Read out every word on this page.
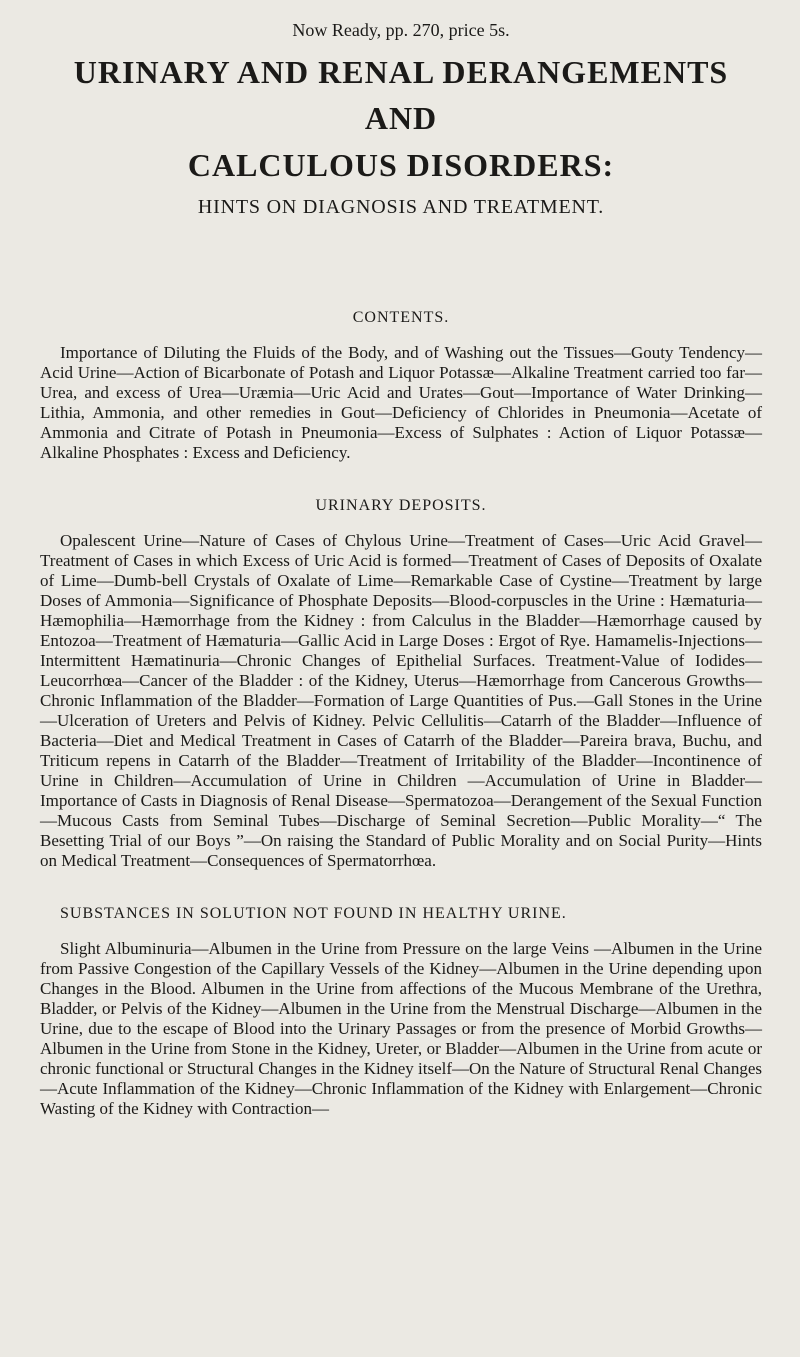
Now Ready, pp. 270, price 5s.
URINARY AND RENAL DERANGEMENTS AND
CALCULOUS DISORDERS:
HINTS ON DIAGNOSIS AND TREATMENT.
CONTENTS.

Importance of Diluting the Fluids of the Body, and of Washing out the Tissues—Gouty Tendency—Acid Urine—Action of Bicarbonate of Potash and Liquor Potassæ—Alkaline Treatment carried too far—Urea, and excess of Urea—Uræmia—Uric Acid and Urates—Gout—Importance of Water Drinking—Lithia, Ammonia, and other remedies in Gout—Deficiency of Chlorides in Pneumonia—Acetate of Ammonia and Citrate of Potash in Pneumonia—Excess of Sulphates : Action of Liquor Potassæ—Alkaline Phosphates : Excess and Deficiency.

URINARY DEPOSITS.

Opalescent Urine—Nature of Cases of Chylous Urine—Treatment of Cases—Uric Acid Gravel—Treatment of Cases in which Excess of Uric Acid is formed—Treatment of Cases of Deposits of Oxalate of Lime—Dumb-bell Crystals of Oxalate of Lime—Remarkable Case of Cystine—Treatment by large Doses of Ammonia—Significance of Phosphate Deposits—Blood-corpuscles in the Urine : Hæmaturia—Hæmophilia—Hæmorrhage from the Kidney : from Calculus in the Bladder—Hæmorrhage caused by Entozoa—Treatment of Hæmaturia—Gallic Acid in Large Doses : Ergot of Rye. Hamamelis-Injections—Intermittent Hæmatinuria—Chronic Changes of Epithelial Surfaces. Treatment-Value of Iodides—Leucorrhœa—Cancer of the Bladder : of the Kidney, Uterus—Hæmorrhage from Cancerous Growths—Chronic Inflammation of the Bladder—Formation of Large Quantities of Pus.—Gall Stones in the Urine—Ulceration of Ureters and Pelvis of Kidney. Pelvic Cellulitis—Catarrh of the Bladder—Influence of Bacteria—Diet and Medical Treatment in Cases of Catarrh of the Bladder—Pareira brava, Buchu, and Triticum repens in Catarrh of the Bladder—Treatment of Irritability of the Bladder—Incontinence of Urine in Children—Accumulation of Urine in Children —Accumulation of Urine in Bladder—Importance of Casts in Diagnosis of Renal Disease—Spermatozoa—Derangement of the Sexual Function—Mucous Casts from Seminal Tubes—Discharge of Seminal Secretion—Public Morality—“ The Besetting Trial of our Boys ”—On raising the Standard of Public Morality and on Social Purity—Hints on Medical Treatment—Consequences of Spermatorrhœa.

SUBSTANCES IN SOLUTION NOT FOUND IN HEALTHY URINE.

Slight Albuminuria—Albumen in the Urine from Pressure on the large Veins —Albumen in the Urine from Passive Congestion of the Capillary Vessels of the Kidney—Albumen in the Urine depending upon Changes in the Blood. Albumen in the Urine from affections of the Mucous Membrane of the Urethra, Bladder, or Pelvis of the Kidney—Albumen in the Urine from the Menstrual Discharge—Albumen in the Urine, due to the escape of Blood into the Urinary Passages or from the presence of Morbid Growths—Albumen in the Urine from Stone in the Kidney, Ureter, or Bladder—Albumen in the Urine from acute or chronic functional or Structural Changes in the Kidney itself—On the Nature of Structural Renal Changes—Acute Inflammation of the Kidney—Chronic Inflammation of the Kidney with Enlargement—Chronic Wasting of the Kidney with Contraction—
